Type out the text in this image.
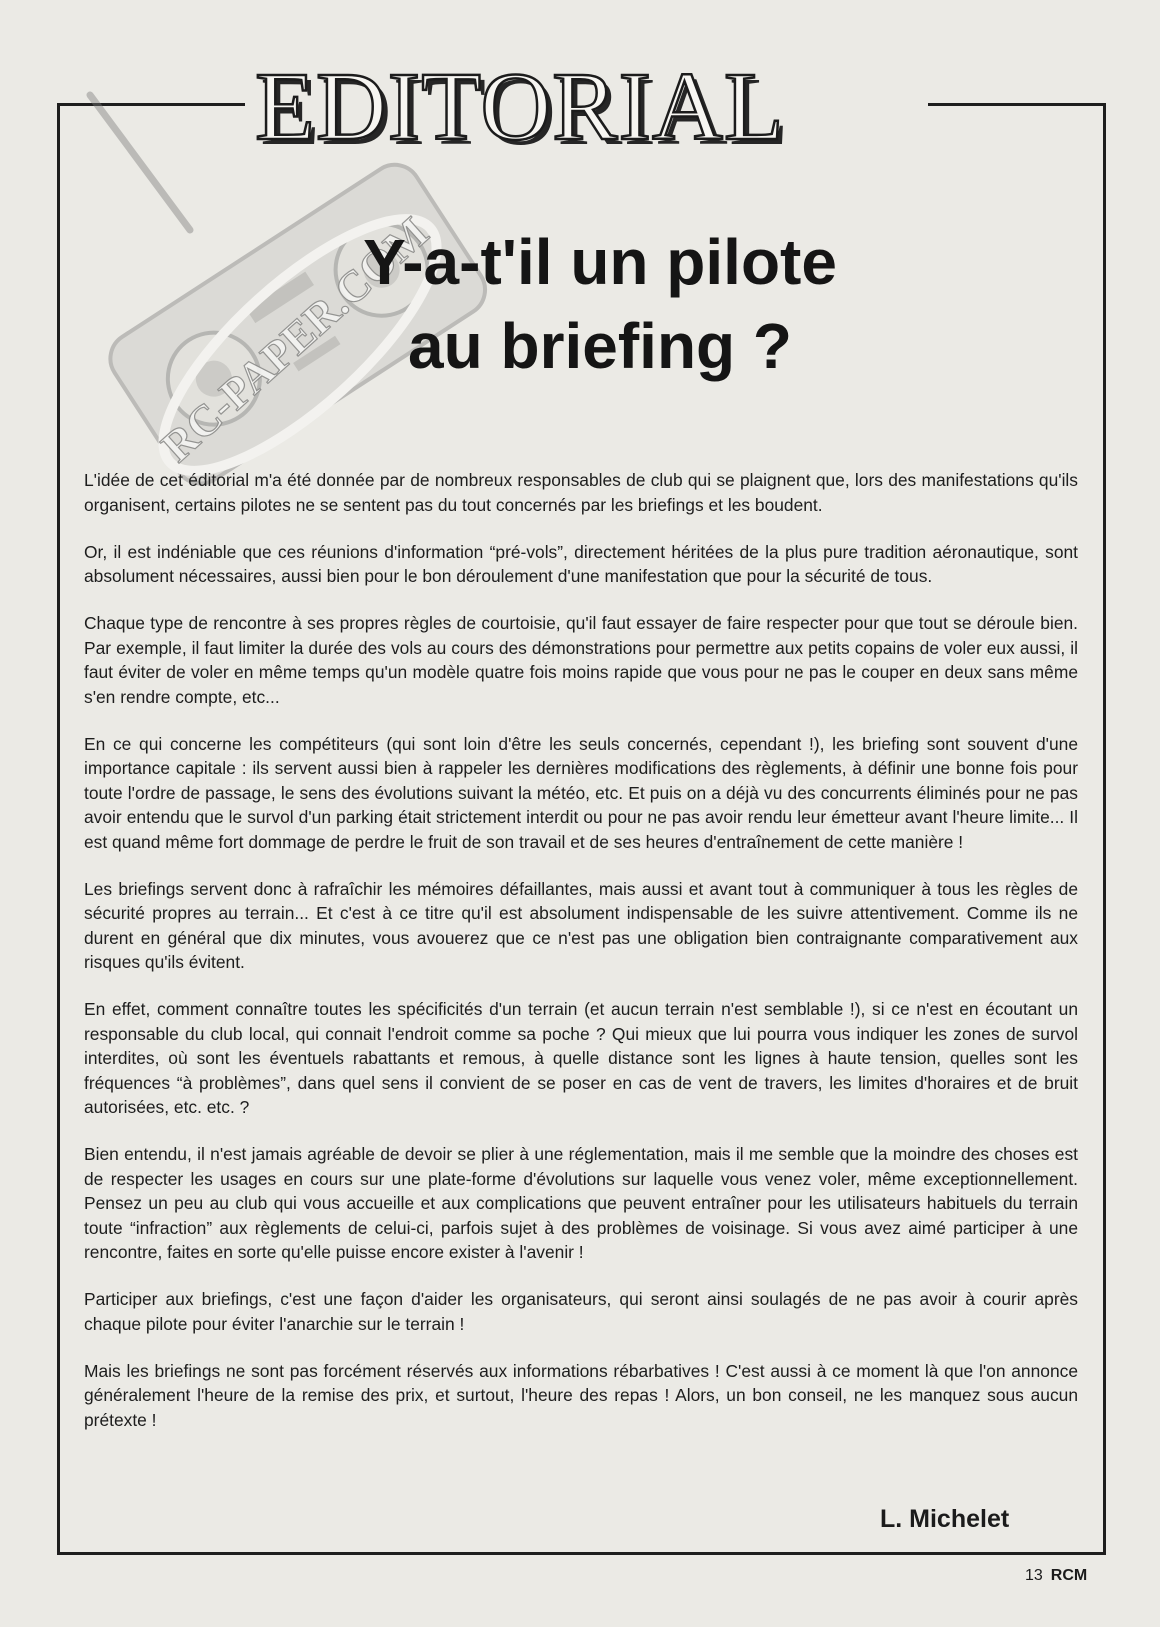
RC-PAPER.COM
EDITORIAL
Y-a-t'il un pilote
au briefing ?

L'idée de cet éditorial m'a été donnée par de nombreux responsables de club qui se plaignent que, lors des manifestations qu'ils organisent, certains pilotes ne se sentent pas du tout concernés par les briefings et les boudent.

Or, il est indéniable que ces réunions d'information “pré-vols”, directement héritées de la plus pure tradition aéronautique, sont absolument nécessaires, aussi bien pour le bon déroulement d'une manifestation que pour la sécurité de tous.

Chaque type de rencontre à ses propres règles de courtoisie, qu'il faut essayer de faire respecter pour que tout se déroule bien. Par exemple, il faut limiter la durée des vols au cours des démonstrations pour permettre aux petits copains de voler eux aussi, il faut éviter de voler en même temps qu'un modèle quatre fois moins rapide que vous pour ne pas le couper en deux sans même s'en rendre compte, etc...

En ce qui concerne les compétiteurs (qui sont loin d'être les seuls concernés, cependant !), les briefing sont souvent d'une importance capitale : ils servent aussi bien à rappeler les dernières modifications des règlements, à définir une bonne fois pour toute l'ordre de passage, le sens des évolutions suivant la météo, etc. Et puis on a déjà vu des concurrents éliminés pour ne pas avoir entendu que le survol d'un parking était strictement interdit ou pour ne pas avoir rendu leur émetteur avant l'heure limite... Il est quand même fort dommage de perdre le fruit de son travail et de ses heures d'entraînement de cette manière !

Les briefings servent donc à rafraîchir les mémoires défaillantes, mais aussi et avant tout à communiquer à tous les règles de sécurité propres au terrain... Et c'est à ce titre qu'il est absolument indispensable de les suivre attentivement. Comme ils ne durent en général que dix minutes, vous avouerez que ce n'est pas une obligation bien contraignante comparativement aux risques qu'ils évitent.

En effet, comment connaître toutes les spécificités d'un terrain (et aucun terrain n'est semblable !), si ce n'est en écoutant un responsable du club local, qui connait l'endroit comme sa poche ? Qui mieux que lui pourra vous indiquer les zones de survol interdites, où sont les éventuels rabattants et remous, à quelle distance sont les lignes à haute tension, quelles sont les fréquences “à problèmes”, dans quel sens il convient de se poser en cas de vent de travers, les limites d'horaires et de bruit autorisées, etc. etc. ?

Bien entendu, il n'est jamais agréable de devoir se plier à une réglementation, mais il me semble que la moindre des choses est de respecter les usages en cours sur une plate-forme d'évolutions sur laquelle vous venez voler, même exceptionnellement. Pensez un peu au club qui vous accueille et aux complications que peuvent entraîner pour les utilisateurs habituels du terrain toute “infraction” aux règlements de celui-ci, parfois sujet à des problèmes de voisinage. Si vous avez aimé participer à une rencontre, faites en sorte qu'elle puisse encore exister à l'avenir !

Participer aux briefings, c'est une façon d'aider les organisateurs, qui seront ainsi soulagés de ne pas avoir à courir après chaque pilote pour éviter l'anarchie sur le terrain !

Mais les briefings ne sont pas forcément réservés aux informations rébarbatives ! C'est aussi à ce moment là que l'on annonce généralement l'heure de la remise des prix, et surtout, l'heure des repas ! Alors, un bon conseil, ne les manquez sous aucun prétexte !

L. Michelet

13 RCM
